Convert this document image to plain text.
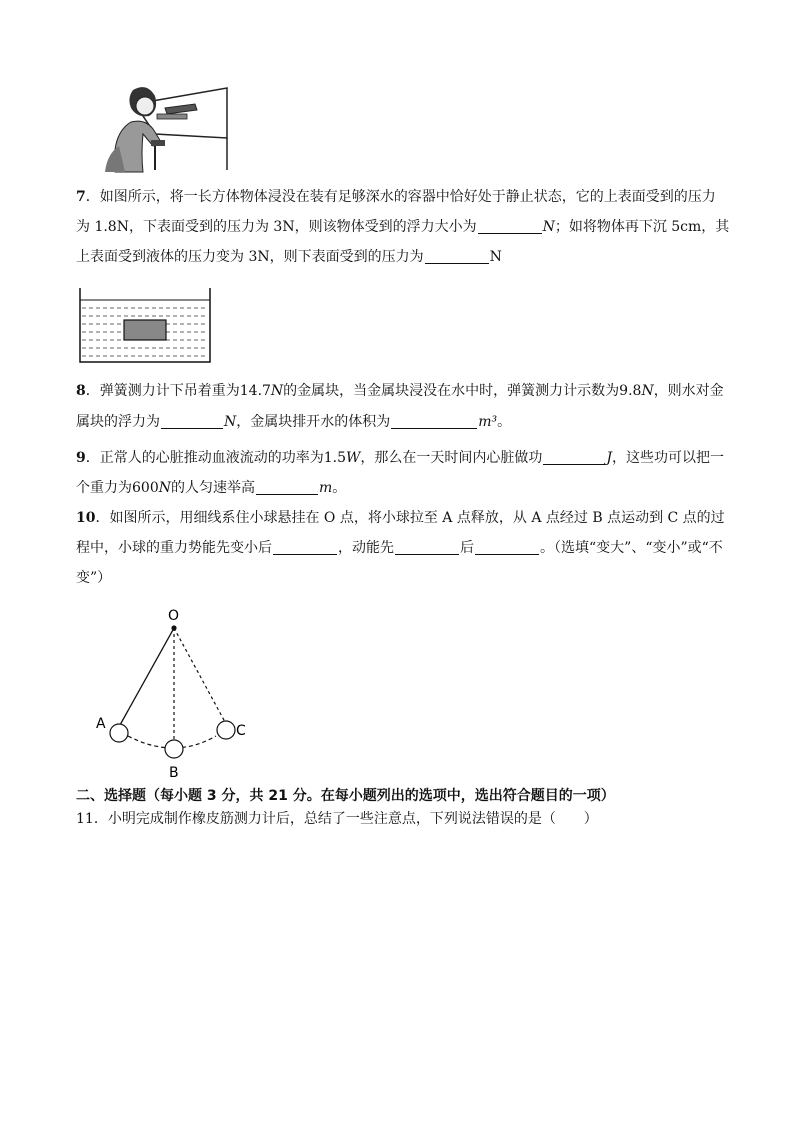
7．如图所示，将一长方体物体浸没在装有足够深水的容器中恰好处于静止状态，它的上表面受到的压力
为 1.8N，下表面受到的压力为 3N，则该物体受到的浮力大小为	N；如将物体再下沉 5cm，其
上表面受到液体的压力变为 3N，则下表面受到的压力为	N
8．弹簧测力计下吊着重为14.7N的金属块，当金属块浸没在水中时，弹簧测力计示数为9.8N，则水对金
属块的浮力为	N，金属块排开水的体积为	m³。
9．正常人的心脏推动血液流动的功率为1.5W，那么在一天时间内心脏做功	J，这些功可以把一
个重力为600N的人匀速举高	m。
10．如图所示，用细线系住小球悬挂在 O 点，将小球拉至 A 点释放，从 A 点经过 B 点运动到 C 点的过
程中，小球的重力势能先变小后	，动能先	后	。（选填“变大”、“变小”或“不
变”）
O
A	C
B
二、选择题（每小题 3 分，共 21 分。在每小题列出的选项中，选出符合题目的一项）
11．小明完成制作橡皮筋测力计后，总结了一些注意点，下列说法错误的是（　　）
